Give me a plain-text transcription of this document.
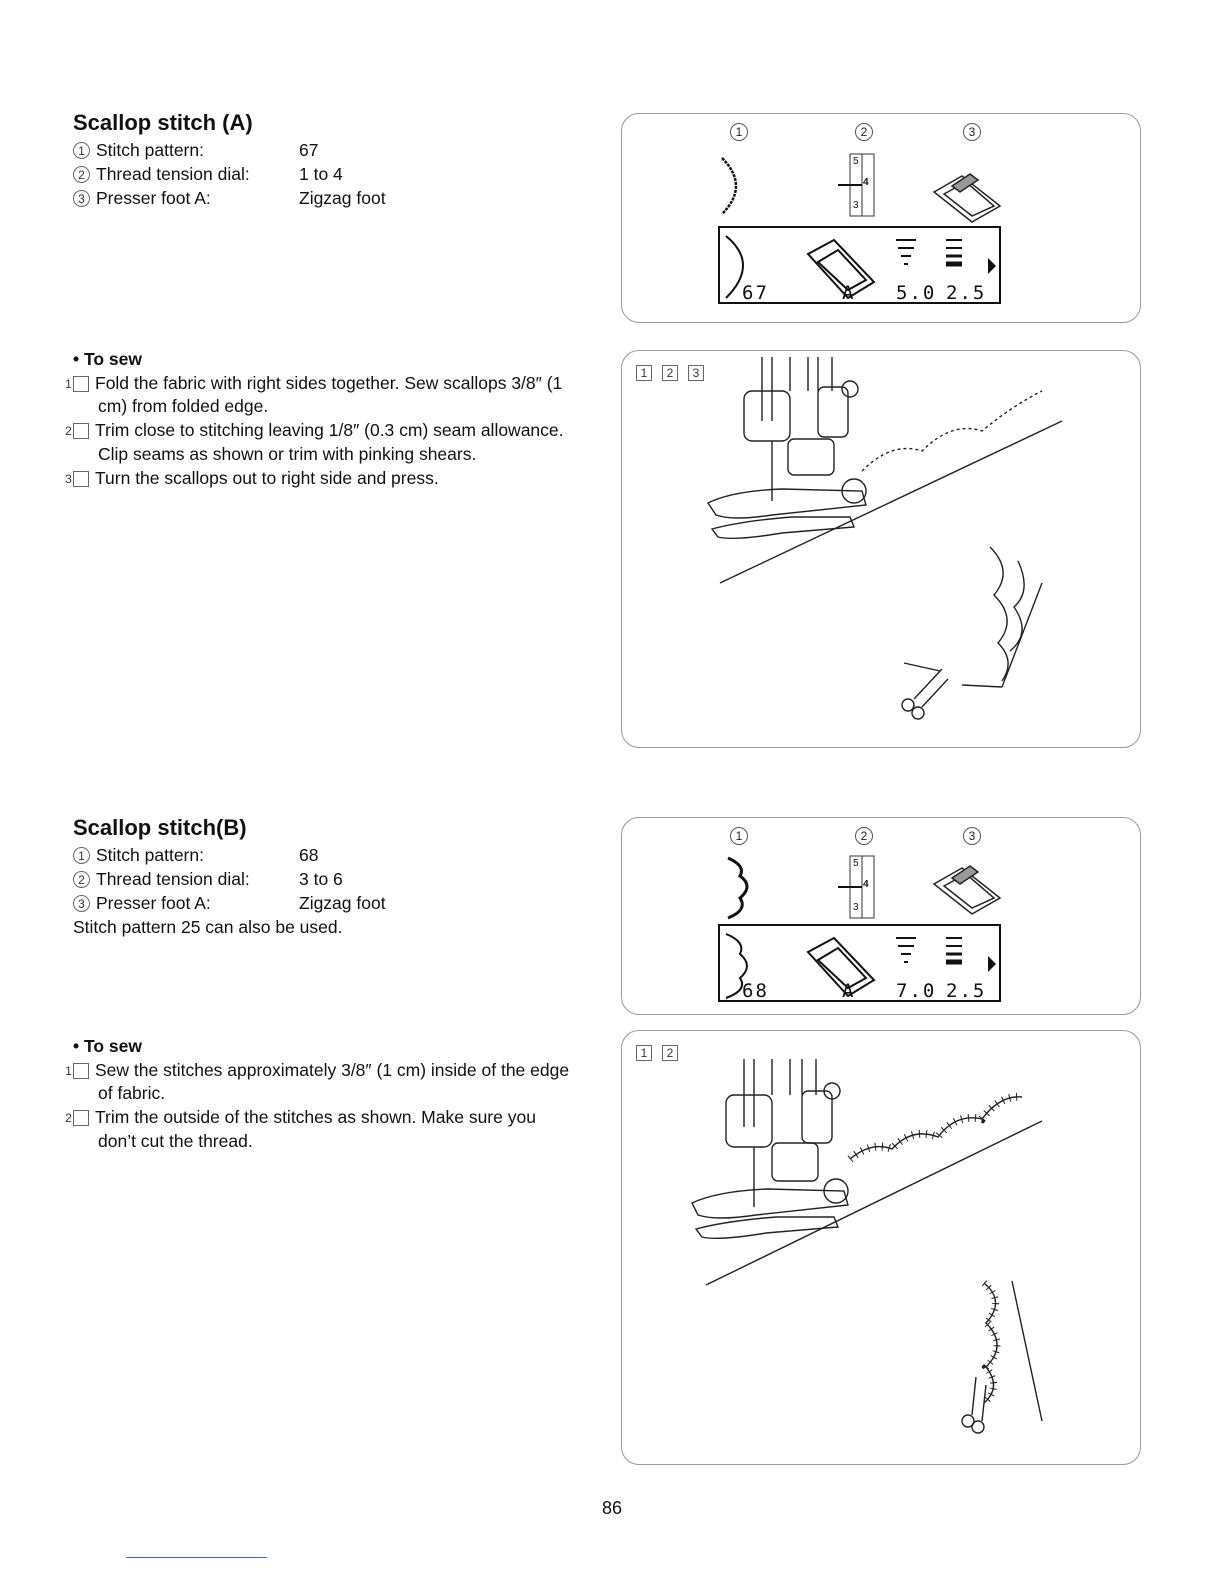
Scallop stitch (A)
1 Stitch pattern:	67
2 Thread tension dial:	1 to 4
3 Presser foot A:	Zigzag foot
• To sew
1 Fold the fabric with right sides together. Sew scallops 3/8″ (1 cm) from folded edge.
2 Trim close to stitching leaving 1/8″ (0.3 cm) seam allowance. Clip seams as shown or trim with pinking shears.
3 Turn the scallops out to right side and press.
1	2	3
5
4
3
67	A 5.0 2.5
1	2	3
Scallop stitch(B)
1 Stitch pattern:	68
2 Thread tension dial:	3 to 6
3 Presser foot A:	Zigzag foot
Stitch pattern 25 can also be used.
• To sew
1 Sew the stitches approximately 3/8″ (1 cm) inside of the edge of fabric.
2 Trim the outside of the stitches as shown. Make sure you don’t cut the thread.
1	2	3
5
4
3
68	A 7.0 2.5
1	2
86
